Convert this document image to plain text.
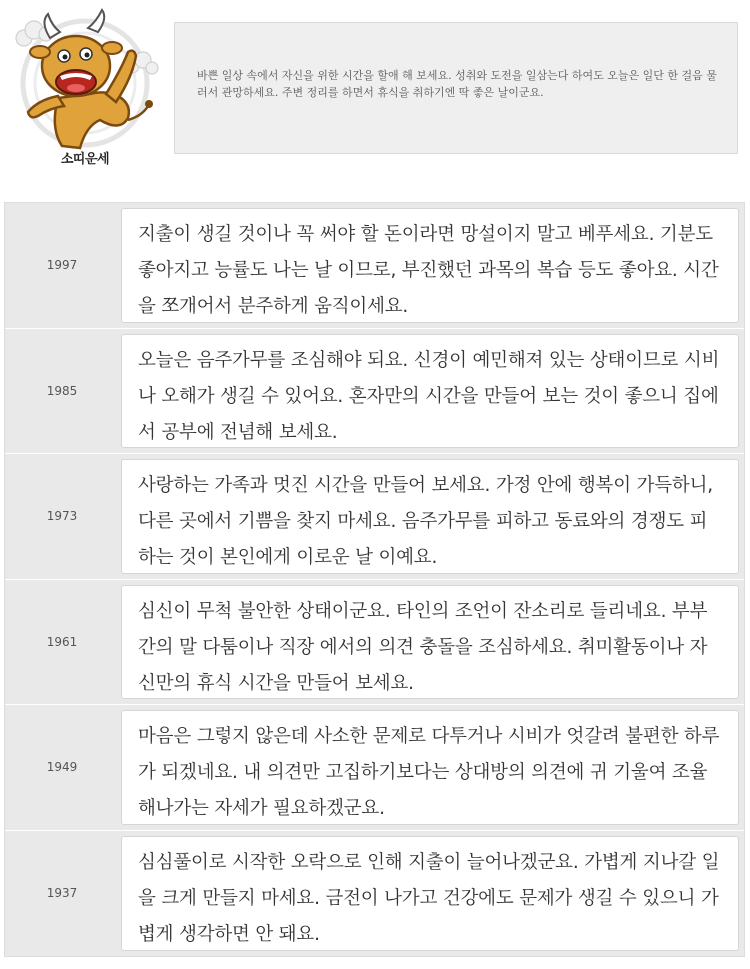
소띠운세
바쁜 일상 속에서 자신을 위한 시간을 할애 해 보세요. 성취와 도전을 일삼는다 하여도 오늘은 일단 한 걸음 물러서 관망하세요. 주변 정리를 하면서 휴식을 취하기엔 딱 좋은 날이군요.
1997
지출이 생길 것이나 꼭 써야 할 돈이라면 망설이지 말고 베푸세요. 기분도 좋아지고 능률도 나는 날 이므로, 부진했던 과목의 복습 등도 좋아요. 시간을 쪼개어서 분주하게 움직이세요.
1985
오늘은 음주가무를 조심해야 되요. 신경이 예민해져 있는 상태이므로 시비나 오해가 생길 수 있어요. 혼자만의 시간을 만들어 보는 것이 좋으니 집에서 공부에 전념해 보세요.
1973
사랑하는 가족과 멋진 시간을 만들어 보세요. 가정 안에 행복이 가득하니, 다른 곳에서 기쁨을 찾지 마세요. 음주가무를 피하고 동료와의 경쟁도 피하는 것이 본인에게 이로운 날 이예요.
1961
심신이 무척 불안한 상태이군요. 타인의 조언이 잔소리로 들리네요. 부부 간의 말 다툼이나 직장 에서의 의견 충돌을 조심하세요. 취미활동이나 자신만의 휴식 시간을 만들어 보세요.
1949
마음은 그렇지 않은데 사소한 문제로 다투거나 시비가 엇갈려 불편한 하루가 되겠네요. 내 의견만 고집하기보다는 상대방의 의견에 귀 기울여 조율해나가는 자세가 필요하겠군요.
1937
심심풀이로 시작한 오락으로 인해 지출이 늘어나겠군요. 가볍게 지나갈 일을 크게 만들지 마세요. 금전이 나가고 건강에도 문제가 생길 수 있으니 가볍게 생각하면 안 돼요.
